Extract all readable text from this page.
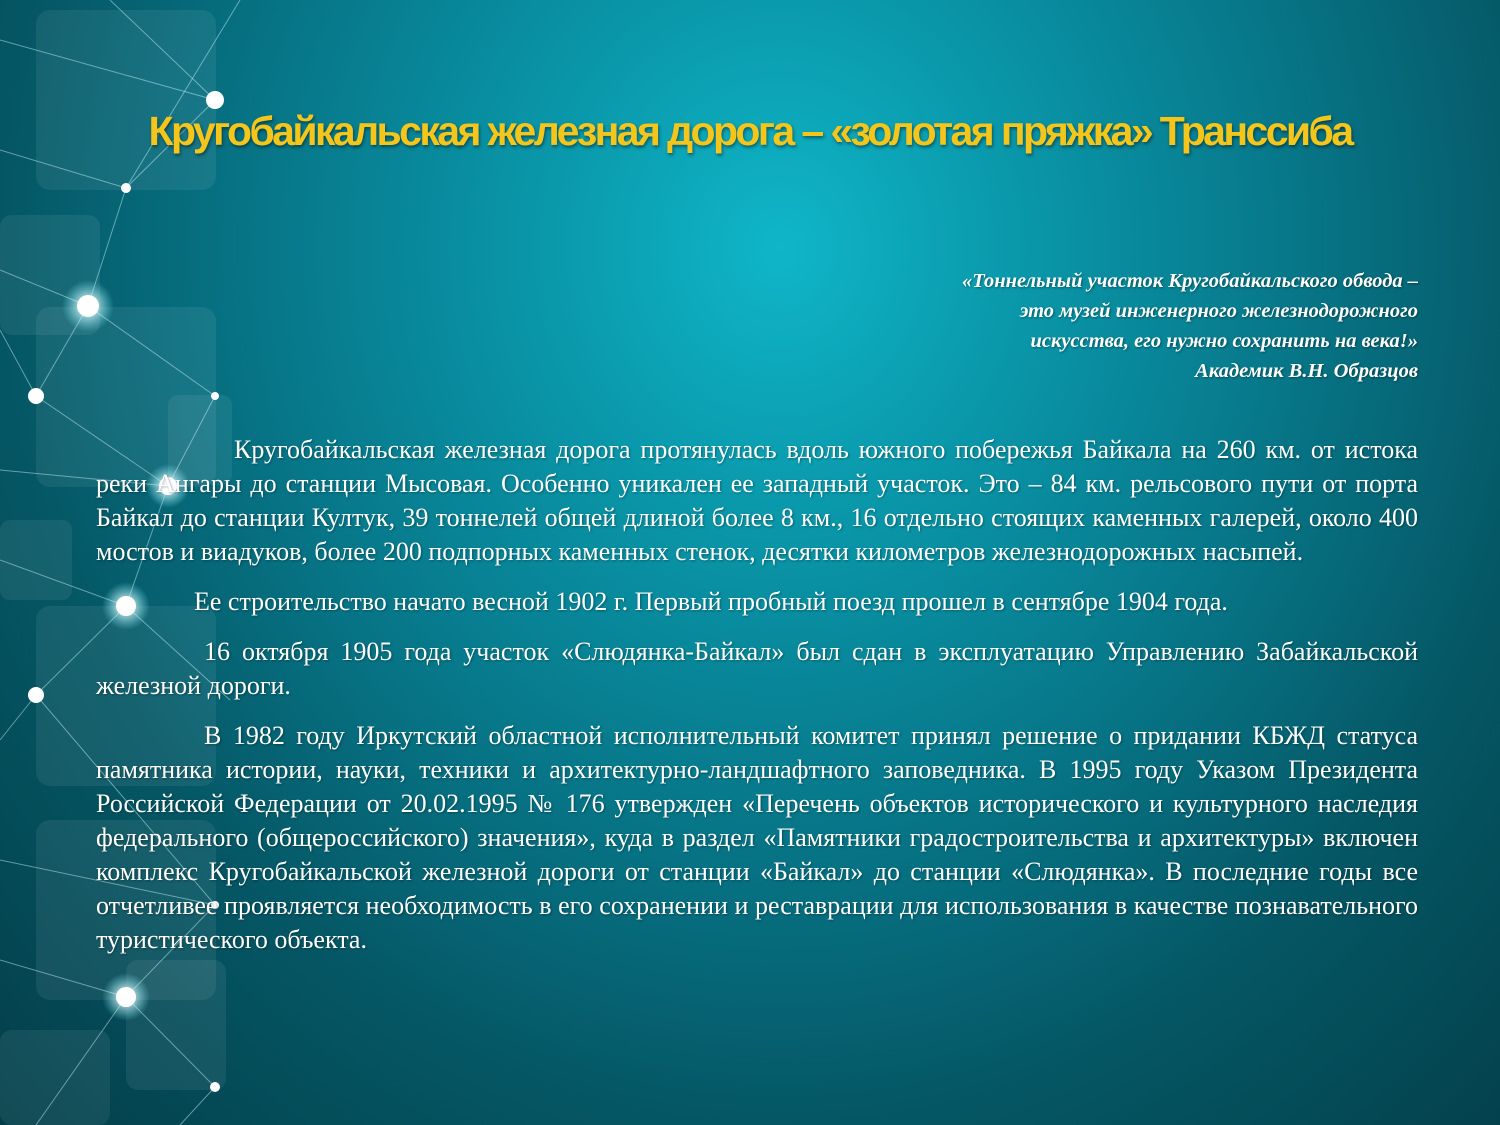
Кругобайкальская железная дорога – «золотая пряжка» Транссиба
«Тоннельный участок Кругобайкальского обвода –
это музей инженерного железнодорожного
искусства, его нужно сохранить на века!»
Академик В.Н. Образцов

Кругобайкальская железная дорога протянулась вдоль южного побережья Байкала на 260 км. от истока реки Ангары до станции Мысовая. Особенно уникален ее западный участок. Это – 84 км. рельсового пути от порта Байкал до станции Култук, 39 тоннелей общей длиной более 8 км., 16 отдельно стоящих каменных галерей, около 400 мостов и виадуков, более 200 подпорных каменных стенок, десятки километров железнодорожных насыпей.

Ее строительство начато весной 1902 г. Первый пробный поезд прошел в сентябре 1904 года.

16 октября 1905 года участок «Слюдянка-Байкал» был сдан в эксплуатацию Управлению Забайкальской железной дороги.

В 1982 году Иркутский областной исполнительный комитет принял решение о придании КБЖД статуса памятника истории, науки, техники и архитектурно-ландшафтного заповедника. В 1995 году Указом Президента Российской Федерации от 20.02.1995 № 176 утвержден «Перечень объектов исторического и культурного наследия федерального (общероссийского) значения», куда в раздел «Памятники градостроительства и архитектуры» включен комплекс Кругобайкальской железной дороги от станции «Байкал» до станции «Слюдянка». В последние годы все отчетливее проявляется необходимость в его сохранении и реставрации для использования в качестве познавательного туристического объекта.
